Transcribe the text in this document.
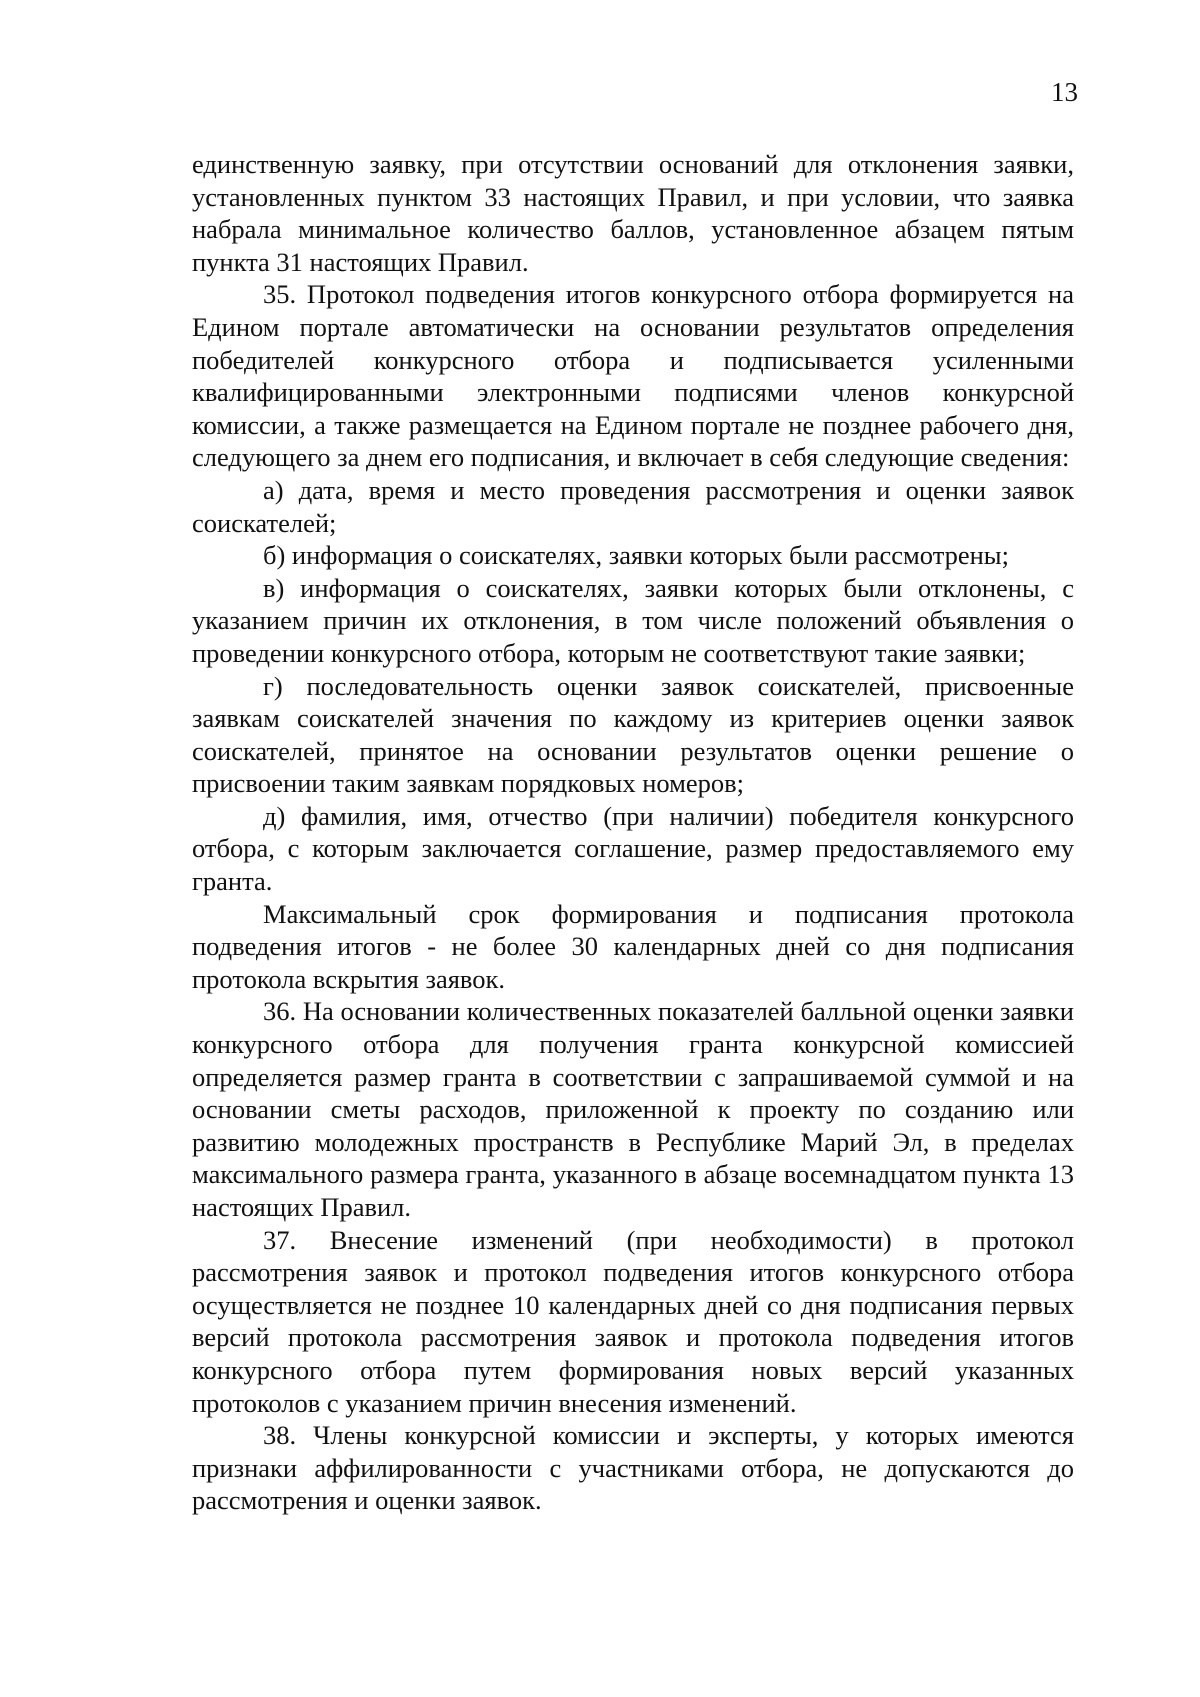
13

единственную заявку, при отсутствии оснований для отклонения заявки, установленных пунктом 33 настоящих Правил, и при условии, что заявка набрала минимальное количество баллов, установленное абзацем пятым пункта 31 настоящих Правил.

35. Протокол подведения итогов конкурсного отбора формируется на Едином портале автоматически на основании результатов определения победителей конкурсного отбора и подписывается усиленными квалифицированными электронными подписями членов конкурсной комиссии, а также размещается на Едином портале не позднее рабочего дня, следующего за днем его подписания, и включает в себя следующие сведения:

а) дата, время и место проведения рассмотрения и оценки заявок соискателей;

б) информация о соискателях, заявки которых были рассмотрены;

в) информация о соискателях, заявки которых были отклонены, с указанием причин их отклонения, в том числе положений объявления о проведении конкурсного отбора, которым не соответствуют такие заявки;

г) последовательность оценки заявок соискателей, присвоенные заявкам соискателей значения по каждому из критериев оценки заявок соискателей, принятое на основании результатов оценки решение о присвоении таким заявкам порядковых номеров;

д) фамилия, имя, отчество (при наличии) победителя конкурсного отбора, с которым заключается соглашение, размер предоставляемого ему гранта.

Максимальный срок формирования и подписания протокола подведения итогов - не более 30 календарных дней со дня подписания протокола вскрытия заявок.

36. На основании количественных показателей балльной оценки заявки конкурсного отбора для получения гранта конкурсной комиссией определяется размер гранта в соответствии с запрашиваемой суммой и на основании сметы расходов, приложенной к проекту по созданию или развитию молодежных пространств в Республике Марий Эл, в пределах максимального размера гранта, указанного в абзаце восемнадцатом пункта 13 настоящих Правил.

37. Внесение изменений (при необходимости) в протокол рассмотрения заявок и протокол подведения итогов конкурсного отбора осуществляется не позднее 10 календарных дней со дня подписания первых версий протокола рассмотрения заявок и протокола подведения итогов конкурсного отбора путем формирования новых версий указанных протоколов с указанием причин внесения изменений.

38. Члены конкурсной комиссии и эксперты, у которых имеются признаки аффилированности с участниками отбора, не допускаются до рассмотрения и оценки заявок.
